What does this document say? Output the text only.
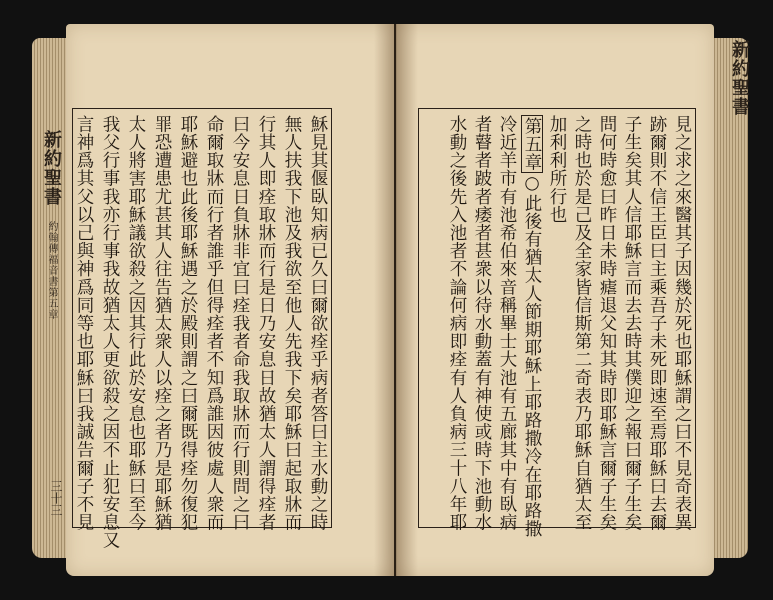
新約聖書 約翰傳福音書第五章
三十三
新約聖書
穌見其偃臥知病已久曰爾欲痊乎病者答曰主水動之時
無人扶我下池及我欲至他人先我下矣耶穌曰起取牀而
行其人即痊取牀而行是日乃安息日故猶太人謂得痊者
曰今安息日負牀非宜曰痊我者命我取牀而行則問之曰
命爾取牀而行者誰乎但得痊者不知爲誰因彼處人衆而
耶穌避也此後耶穌遇之於殿則謂之曰爾既得痊勿復犯
罪恐遭患尤甚其人往告猶太衆人以痊之者乃是耶穌猶
太人將害耶穌議欲殺之因其行此於安息也耶穌曰至今
我父行事我亦行事我故猶太人更欲殺之因不止犯安息又
言神爲其父以己與神爲同等也耶穌曰我誠告爾子不見	見之求之來醫其子因幾於死也耶穌謂之曰不見奇表異
跡爾則不信王臣曰主乘吾子未死即速至焉耶穌曰去爾
子生矣其人信耶穌言而去去時其僕迎之報曰爾子生矣
問何時愈曰昨日未時瘧退父知其時即耶穌言爾子生矣
之時也於是己及全家皆信斯第二奇表乃耶穌自猶太至
加利利所行也
第五章○此後有猶太人節期耶穌上耶路撒冷在耶路撒
冷近羊市有池希伯來音稱畢士大池有五廊其中有臥病
者瞽者跛者痿者甚衆以待水動蓋有神使或時下池動水
水動之後先入池者不論何病即痊有人負病三十八年耶
